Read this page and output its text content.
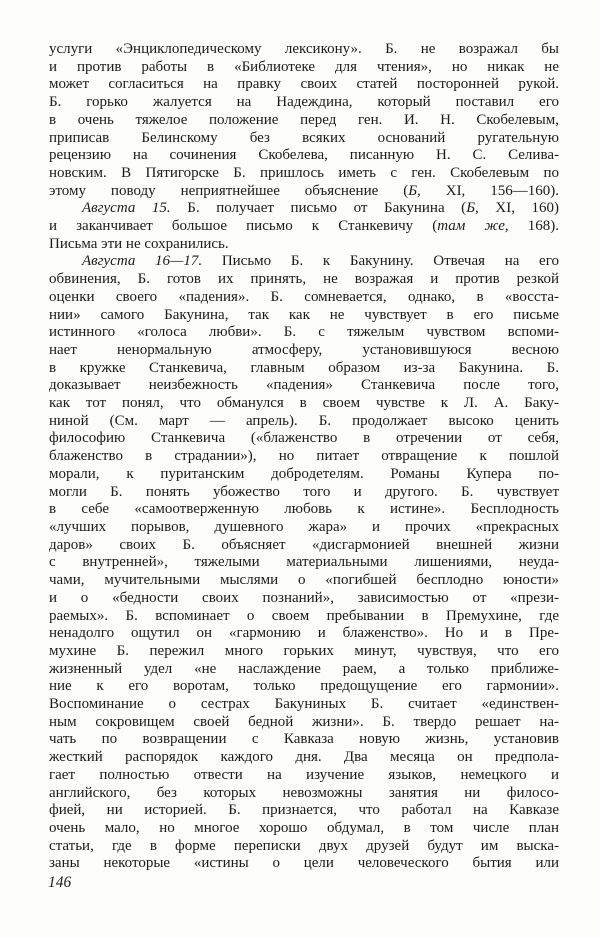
услуги «Энциклопедическому лексикону». Б. не возражал бы
и против работы в «Библиотеке для чтения», но никак не
может согласиться на правку своих статей посторонней рукой.
Б. горько жалуется на Надеждина, который поставил его
в очень тяжелое положение перед ген. И. Н. Скобелевым,
приписав Белинскому без всяких оснований ругательную
рецензию на сочинения Скобелева, писанную Н. С. Селива-
новским. В Пятигорске Б. пришлось иметь с ген. Скобелевым по
этому поводу неприятнейшее объяснение (Б, XI, 156—160).
Августа 15. Б. получает письмо от Бакунина (Б, XI, 160)
и заканчивает большое письмо к Станкевичу (там же, 168).
Письма эти не сохранились.
Августа 16—17. Письмо Б. к Бакунину. Отвечая на его
обвинения, Б. готов их принять, не возражая и против резкой
оценки своего «падения». Б. сомневается, однако, в «восста-
нии» самого Бакунина, так как не чувствует в его письме
истинного «голоса любви». Б. с тяжелым чувством вспоми-
нает ненормальную атмосферу, установившуюся весною
в кружке Станкевича, главным образом из-за Бакунина. Б.
доказывает неизбежность «падения» Станкевича после того,
как тот понял, что обманулся в своем чувстве к Л. А. Баку-
ниной (См. март — апрель). Б. продолжает высоко ценить
философию Станкевича («блаженство в отречении от себя,
блаженство в страдании»), но питает отвращение к пошлой
морали, к пуританским добродетелям. Романы Купера по-
могли Б. понять убожество того и другого. Б. чувствует
в себе «самоотверженную любовь к истине». Бесплодность
«лучших порывов, душевного жара» и прочих «прекрасных
даров» своих Б. объясняет «дисгармонией внешней жизни
с внутренней», тяжелыми материальными лишениями, неуда-
чами, мучительными мыслями о «погибшей бесплодно юности»
и о «бедности своих познаний», зависимостью от «прези-
раемых». Б. вспоминает о своем пребывании в Премухине, где
ненадолго ощутил он «гармонию и блаженство». Но и в Пре-
мухине Б. пережил много горьких минут, чувствуя, что его
жизненный удел «не наслаждение раем, а только приближе-
ние к его воротам, только предощущение его гармонии».
Воспоминание о сестрах Бакуниных Б. считает «единствен-
ным сокровищем своей бедной жизни». Б. твердо решает на-
чать по возвращении с Кавказа новую жизнь, установив
жесткий распорядок каждого дня. Два месяца он предпола-
гает полностью отвести на изучение языков, немецкого и
английского, без которых невозможны занятия ни филосо-
фией, ни историей. Б. признается, что работал на Кавказе
очень мало, но многое хорошо обдумал, в том числе план
статьи, где в форме переписки двух друзей будут им выска-
заны некоторые «истины о цели человеческого бытия или
146
